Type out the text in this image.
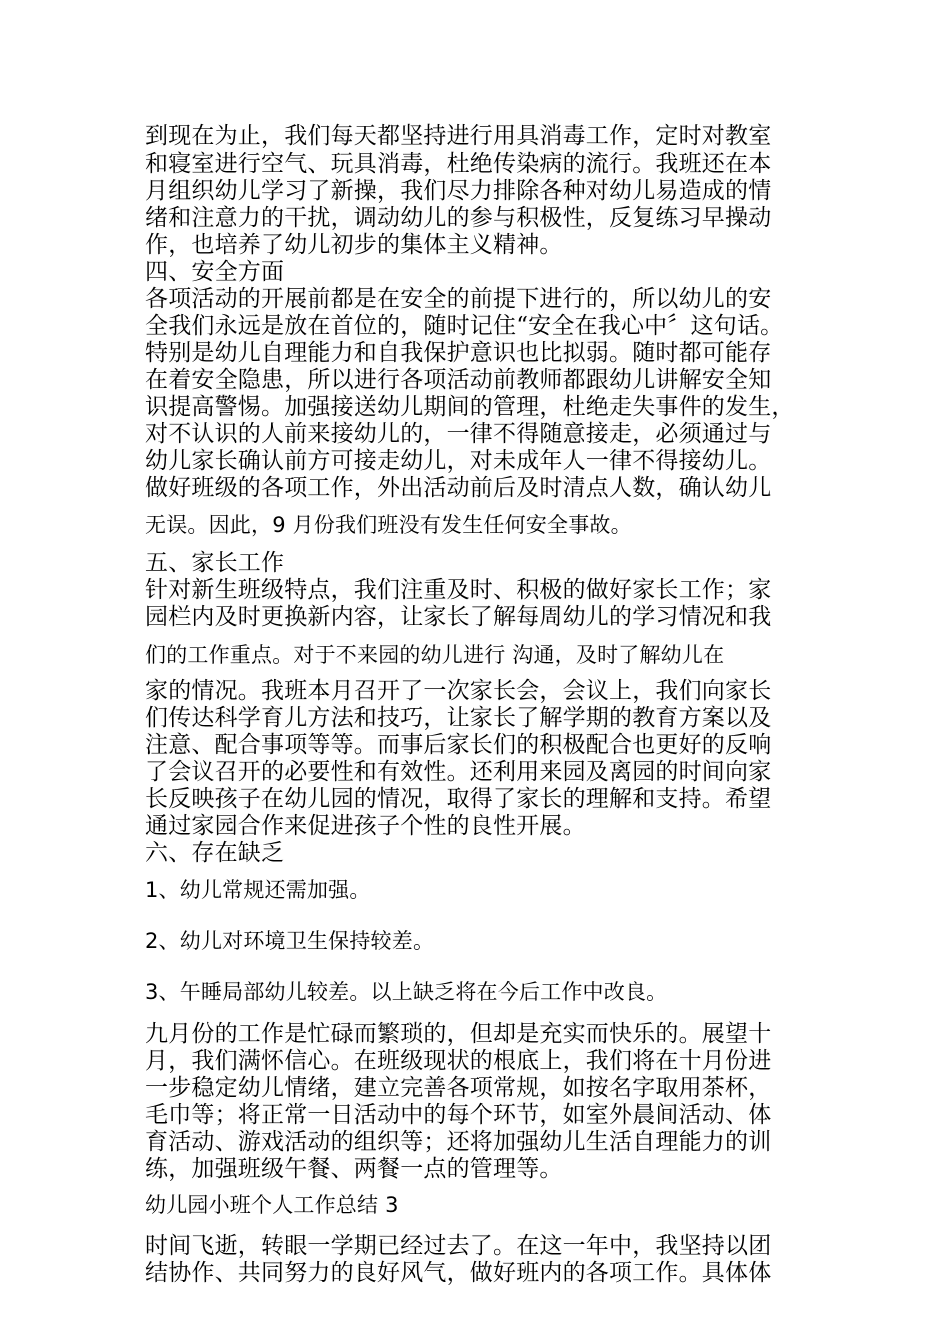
到现在为止，我们每天都坚持进行用具消毒工作，定时对教室
和寝室进行空气、玩具消毒，杜绝传染病的流行。我班还在本
月组织幼儿学习了新操，我们尽力排除各种对幼儿易造成的情
绪和注意力的干扰，调动幼儿的参与积极性，反复练习早操动
作，也培养了幼儿初步的集体主义精神。
四、安全方面
各项活动的开展前都是在安全的前提下进行的，所以幼儿的安
全我们永远是放在首位的，随时记住“安全在我心中〞这句话。
特别是幼儿自理能力和自我保护意识也比拟弱。随时都可能存
在着安全隐患，所以进行各项活动前教师都跟幼儿讲解安全知
识提高警惕。加强接送幼儿期间的管理，杜绝走失事件的发生，
对不认识的人前来接幼儿的，一律不得随意接走，必须通过与
幼儿家长确认前方可接走幼儿，对未成年人一律不得接幼儿。
做好班级的各项工作，外出活动前后及时清点人数，确认幼儿
无误。因此，9 月份我们班没有发生任何安全事故。
五、家长工作
针对新生班级特点，我们注重及时、积极的做好家长工作；家
园栏内及时更换新内容，让家长了解每周幼儿的学习情况和我
们的工作重点。对于不来园的幼儿进行 沟通，及时了解幼儿在
家的情况。我班本月召开了一次家长会，会议上，我们向家长
们传达科学育儿方法和技巧，让家长了解学期的教育方案以及
注意、配合事项等等。而事后家长们的积极配合也更好的反响
了会议召开的必要性和有效性。还利用来园及离园的时间向家
长反映孩子在幼儿园的情况，取得了家长的理解和支持。希望
通过家园合作来促进孩子个性的良性开展。
六、存在缺乏
1、幼儿常规还需加强。
2、幼儿对环境卫生保持较差。
3、午睡局部幼儿较差。以上缺乏将在今后工作中改良。
九月份的工作是忙碌而繁琐的，但却是充实而快乐的。展望十
月，我们满怀信心。在班级现状的根底上，我们将在十月份进
一步稳定幼儿情绪，建立完善各项常规，如按名字取用茶杯，
毛巾等；将正常一日活动中的每个环节，如室外晨间活动、体
育活动、游戏活动的组织等；还将加强幼儿生活自理能力的训
练，加强班级午餐、两餐一点的管理等。
幼儿园小班个人工作总结 3
时间飞逝，转眼一学期已经过去了。在这一年中，我坚持以团
结协作、共同努力的良好风气，做好班内的各项工作。具体体
